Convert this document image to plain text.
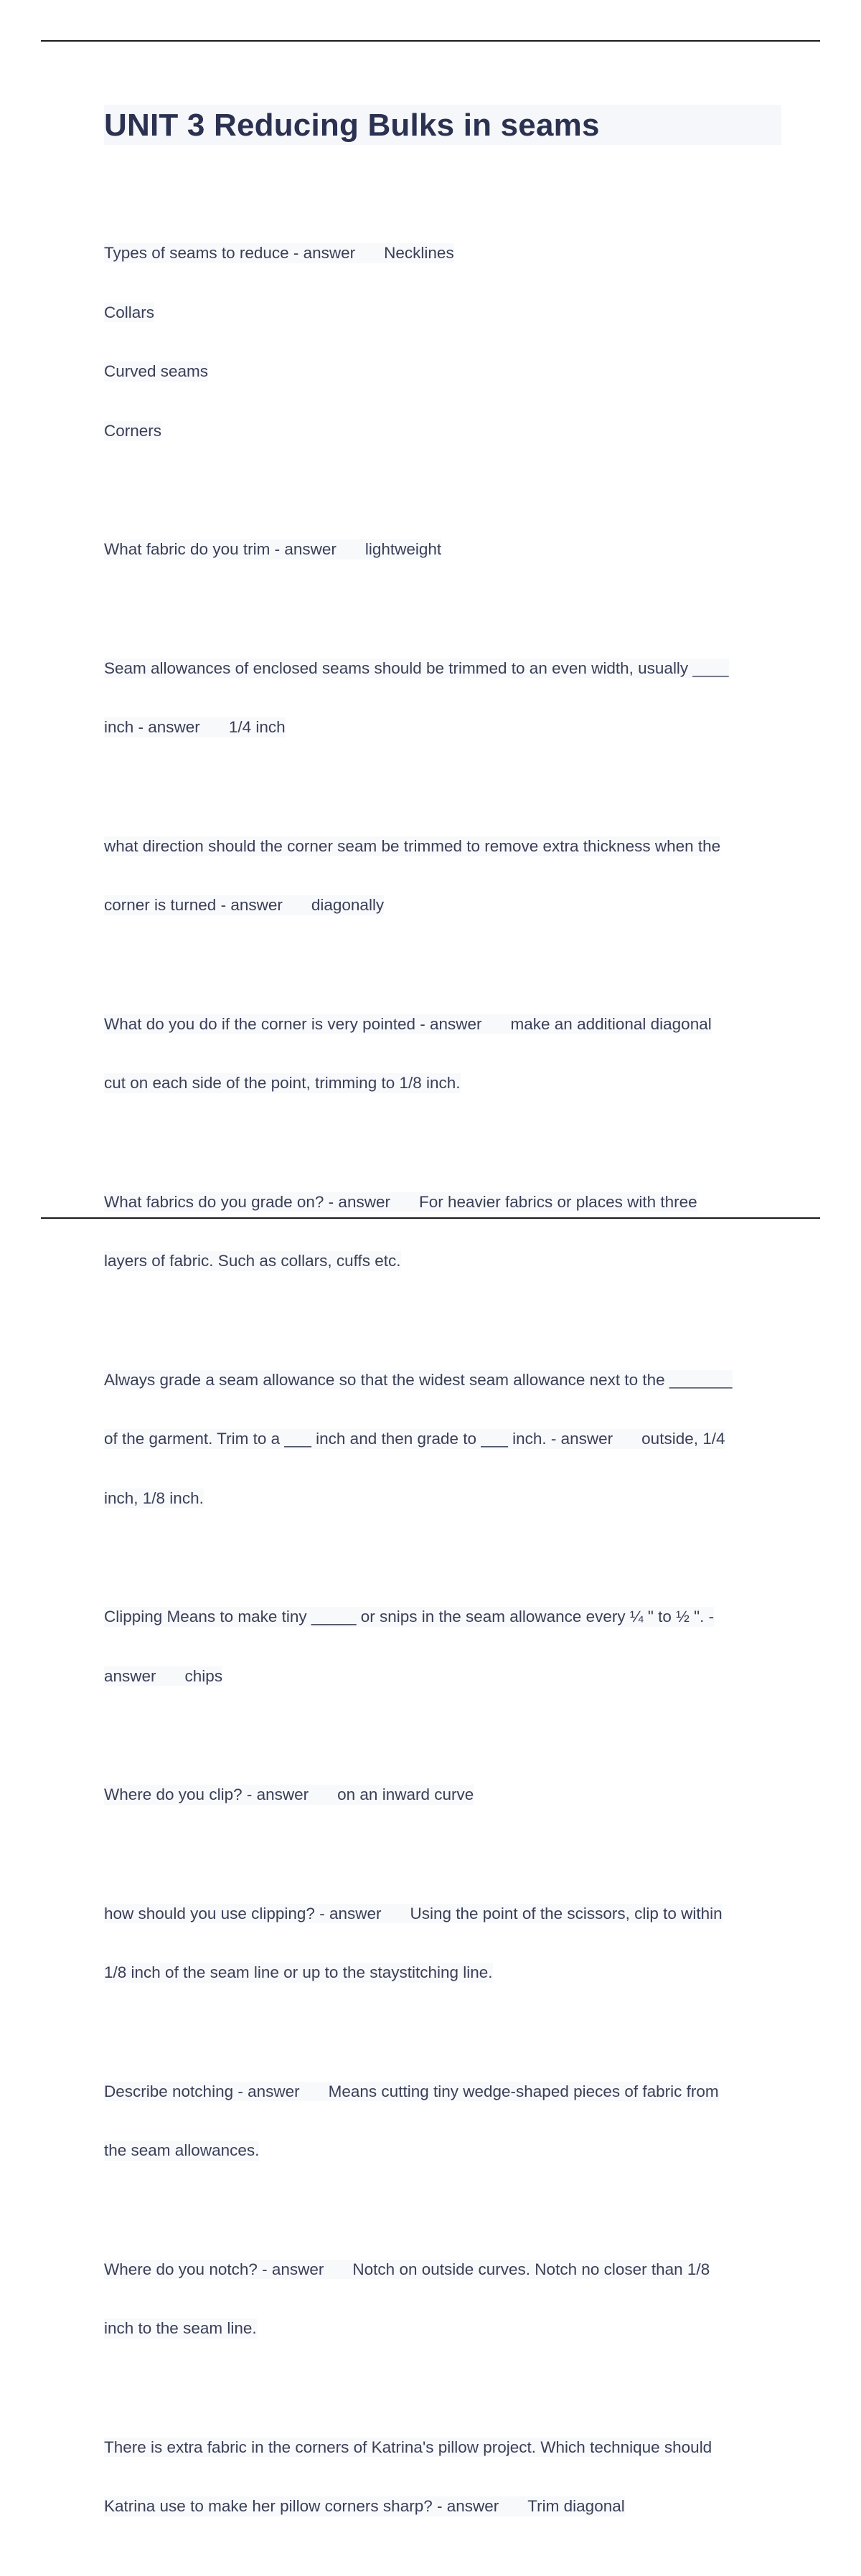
UNIT 3 Reducing Bulks in seams

Types of seams to reduce - answer Necklines

Collars

Curved seams

Corners

What fabric do you trim - answer lightweight

Seam allowances of enclosed seams should be trimmed to an even width, usually ____

inch - answer 1/4 inch

what direction should the corner seam be trimmed to remove extra thickness when the

corner is turned - answer diagonally

What do you do if the corner is very pointed - answer make an additional diagonal

cut on each side of the point, trimming to 1/8 inch.

What fabrics do you grade on? - answer For heavier fabrics or places with three

layers of fabric. Such as collars, cuffs etc.

Always grade a seam allowance so that the widest seam allowance next to the _______

of the garment. Trim to a ___ inch and then grade to ___ inch. - answer outside, 1/4

inch, 1/8 inch.

Clipping Means to make tiny _____ or snips in the seam allowance every ¼ " to ½ ". -

answer chips

Where do you clip? - answer on an inward curve

how should you use clipping? - answer Using the point of the scissors, clip to within

1/8 inch of the seam line or up to the staystitching line.

Describe notching - answer Means cutting tiny wedge-shaped pieces of fabric from

the seam allowances.

Where do you notch? - answer Notch on outside curves. Notch no closer than 1/8

inch to the seam line.

There is extra fabric in the corners of Katrina's pillow project. Which technique should

Katrina use to make her pillow corners sharp? - answer Trim diagonal
